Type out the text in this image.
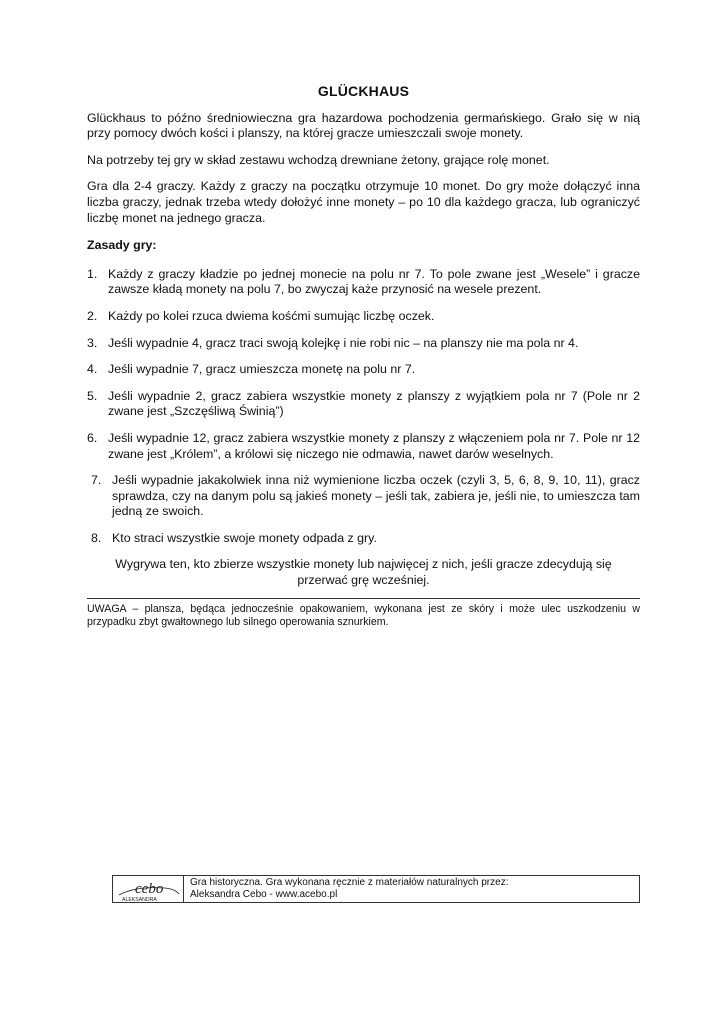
GLÜCKHAUS

Glückhaus to późno średniowieczna gra hazardowa pochodzenia germańskiego. Grało się w nią przy pomocy dwóch kości i planszy, na której gracze umieszczali swoje monety.

Na potrzeby tej gry w skład zestawu wchodzą drewniane żetony, grające rolę monet.

Gra dla 2-4 graczy. Każdy z graczy na początku otrzymuje 10 monet. Do gry może dołączyć inna liczba graczy, jednak trzeba wtedy dołożyć inne monety – po 10 dla każdego gracza, lub ograniczyć liczbę monet na jednego gracza.

Zasady gry:
1. Każdy z graczy kładzie po jednej monecie na polu nr 7. To pole zwane jest „Wesele” i gracze zawsze kładą monety na polu 7, bo zwyczaj każe przynosić na wesele prezent.
2. Każdy po kolei rzuca dwiema kośćmi sumując liczbę oczek.
3. Jeśli wypadnie 4, gracz traci swoją kolejkę i nie robi nic – na planszy nie ma pola nr 4.
4. Jeśli wypadnie 7, gracz umieszcza monetę na polu nr 7.
5. Jeśli wypadnie 2, gracz zabiera wszystkie monety z planszy z wyjątkiem pola nr 7 (Pole nr 2 zwane jest „Szczęśliwą Świnią”)
6. Jeśli wypadnie 12, gracz zabiera wszystkie monety z planszy z włączeniem pola nr 7. Pole nr 12 zwane jest „Królem”, a królowi się niczego nie odmawia, nawet darów weselnych.
7. Jeśli wypadnie jakakolwiek inna niż wymienione liczba oczek (czyli 3, 5, 6, 8, 9, 10, 11), gracz sprawdza, czy na danym polu są jakieś monety – jeśli tak, zabiera je, jeśli nie, to umieszcza tam jedną ze swoich.
8. Kto straci wszystkie swoje monety odpada z gry.
Wygrywa ten, kto zbierze wszystkie monety lub najwięcej z nich, jeśli gracze zdecydują się przerwać grę wcześniej.
UWAGA – plansza, będąca jednocześnie opakowaniem, wykonana jest ze skóry i może ulec uszkodzeniu w przypadku zbyt gwałtownego lub silnego operowania sznurkiem.
cebo
ALEKSANDRA
Gra historyczna. Gra wykonana ręcznie z materiałów naturalnych przez:
Aleksandra Cebo - www.acebo.pl
